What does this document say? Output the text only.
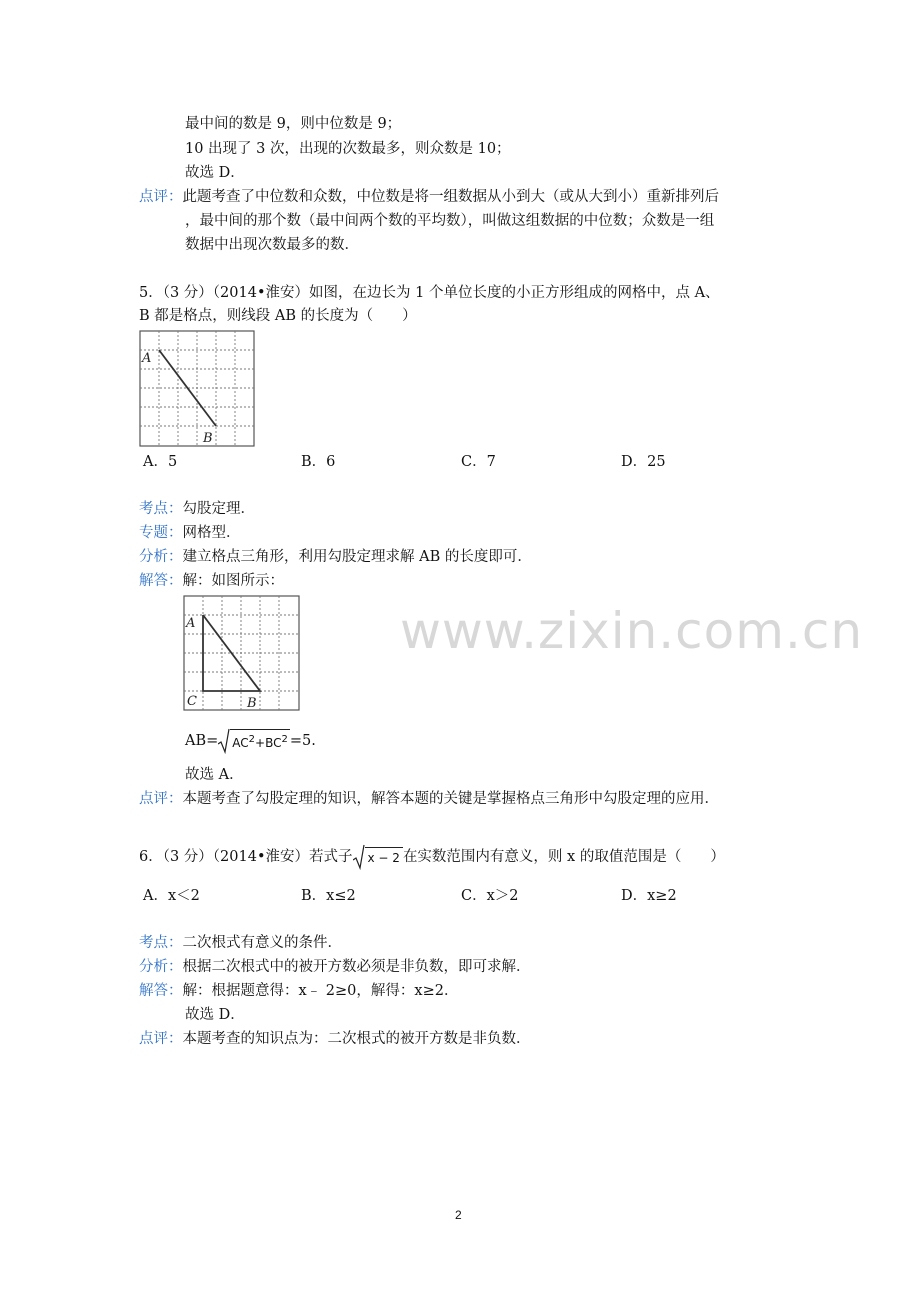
最中间的数是 9，则中位数是 9；
10 出现了 3 次，出现的次数最多，则众数是 10；
故选 D．
点评：此题考查了中位数和众数，中位数是将一组数据从小到大（或从大到小）重新排列后
，最中间的那个数（最中间两个数的平均数），叫做这组数据的中位数；众数是一组
数据中出现次数最多的数．
5．（3 分）（2014•淮安）如图，在边长为 1 个单位长度的小正方形组成的网格中，点 A、
B 都是格点，则线段 AB 的长度为（　　）
A
B
A．5	B．6	C．7	D．25
考点：勾股定理．
专题：网格型．
分析：建立格点三角形，利用勾股定理求解 AB 的长度即可．
解答：解：如图所示：
A
C	B
$AB= AC^2+BC^2 =5$.
故选 A．
点评：本题考查了勾股定理的知识，解答本题的关键是掌握格点三角形中勾股定理的应用．
www.zixin.com.cn
6．（3 分）（2014•淮安）若式子 x − 2 在实数范围内有意义，则 x 的取值范围是（　　）
A．x＜2	B．x≤2	C．x＞2	D．x≥2
考点：二次根式有意义的条件．
分析：根据二次根式中的被开方数必须是非负数，即可求解．
解答：解：根据题意得：x﹣ 2≥0，解得：x≥2．
故选 D．
点评：本题考查的知识点为：二次根式的被开方数是非负数．
2
